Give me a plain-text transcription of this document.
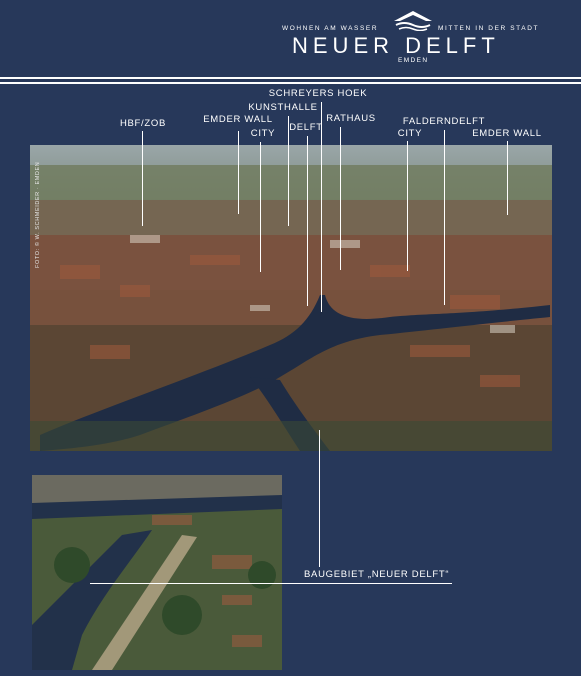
WOHNEN AM WASSER	MITTEN IN DER STADT
NEUER DELFT
EMDEN
FOTO: © W. SCHMEIDER · EMDEN
HBF/ZOB	EMDER WALL
KUNSTHALLE
SCHREYERS HOEK
CITY
DELFT
RATHAUS	FALDERNDELFT
CITY	EMDER WALL
BAUGEBIET „NEUER DELFT“
